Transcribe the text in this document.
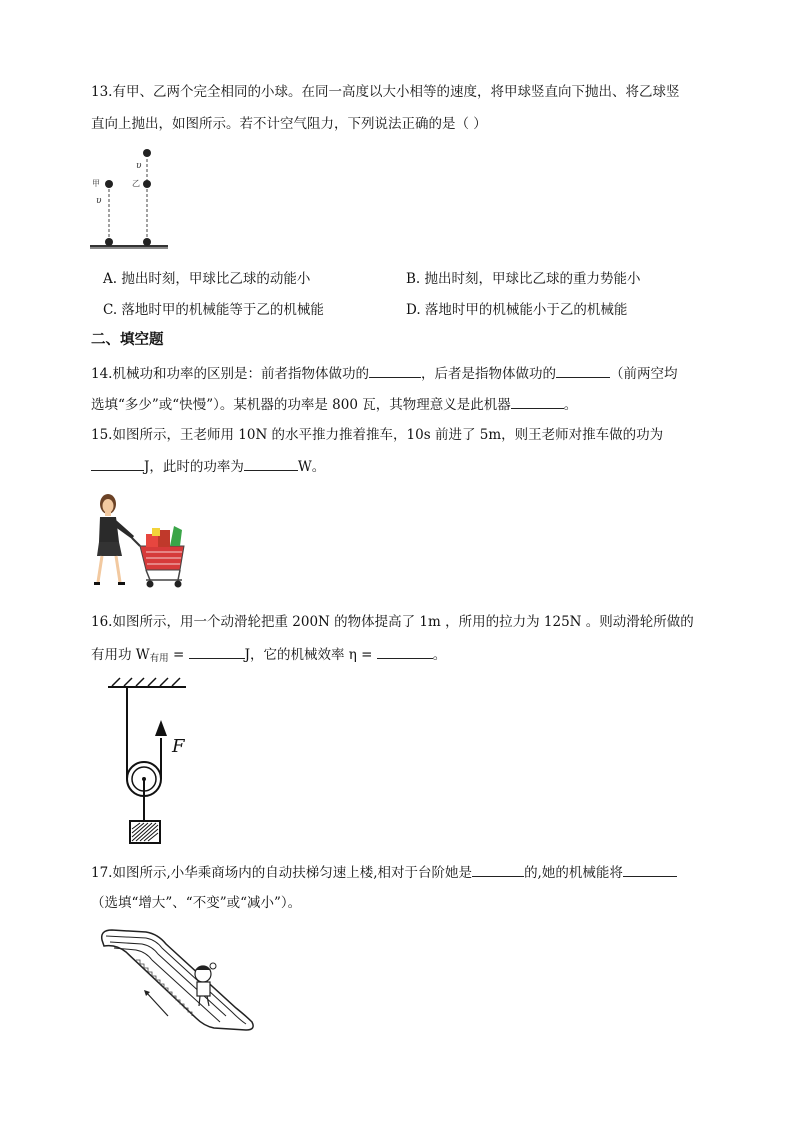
13.有甲、乙两个完全相同的小球。在同一高度以大小相等的速度，将甲球竖直向下抛出、将乙球竖
直向上抛出，如图所示。若不计空气阻力，下列说法正确的是（ ）
甲	乙
υ
υ
A. 抛出时刻，甲球比乙球的动能小	B. 抛出时刻，甲球比乙球的重力势能小
C. 落地时甲的机械能等于乙的机械能	D. 落地时甲的机械能小于乙的机械能
二、填空题
14.机械功和功率的区别是：前者指物体做功的	，后者是指物体做功的	（前两空均
选填“多少”或“快慢”）。某机器的功率是 800 瓦，其物理意义是此机器	。
15.如图所示，王老师用 10N 的水平推力推着推车，10s 前进了 5m，则王老师对推车做的功为
J，此时的功率为	W。
16.如图所示，用一个动滑轮把重 200N 的物体提高了 1m ，所用的拉力为 125N 。则动滑轮所做的
有用功 $W_{有用}$ =	J，它的机械效率 η =	。
F
17.如图所示,小华乘商场内的自动扶梯匀速上楼,相对于台阶她是	的,她的机械能将
（选填“增大”、“不变”或“减小”）。
